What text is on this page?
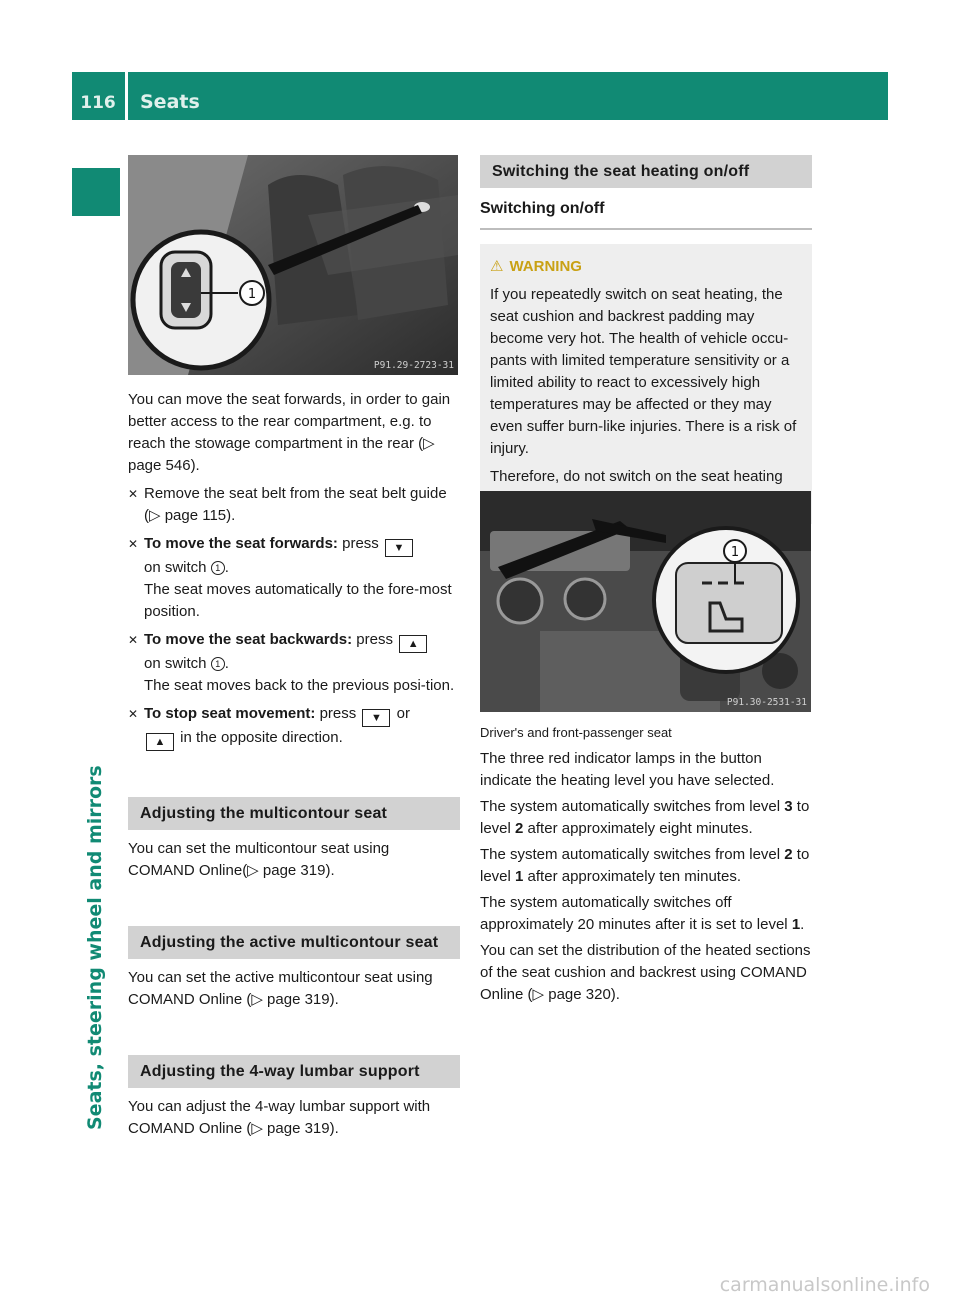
116	Seats
Seats, steering wheel and mirrors
1
P91.29-2723-31

You can move the seat forwards, in order to gain better access to the rear compartment, e.g. to reach the stowage compartment in the rear (▷ page 546).

✕ Remove the seat belt from the seat belt guide (▷ page 115).
✕ To move the seat forwards: press ▼
on switch 1 .
The seat moves automatically to the fore-most position.
✕ To move the seat backwards: press ▲
on switch 1 .
The seat moves back to the previous posi-tion.
✕ To stop seat movement: press ▼ or
▲ in the opposite direction.
Adjusting the multicontour seat

You can set the multicontour seat using COMAND Online(▷ page 319).

Adjusting the active multicontour seat

You can set the active multicontour seat using COMAND Online (▷ page 319).

Adjusting the 4-way lumbar support

You can adjust the 4-way lumbar support with COMAND Online (▷ page 319).

Switching the seat heating on/off
Switching on/off
⚠ WARNING

If you repeatedly switch on seat heating, the seat cushion and backrest padding may become very hot. The health of vehicle occu-pants with limited temperature sensitivity or a limited ability to react to excessively high temperatures may be affected or they may even suffer burn-like injuries. There is a risk of injury.

Therefore, do not switch on the seat heating

1
P91.30-2531-31

Driver's and front-passenger seat

The three red indicator lamps in the button indicate the heating level you have selected.

The system automatically switches from level 3 to level 2 after approximately eight minutes.

The system automatically switches from level 2 to level 1 after approximately ten minutes.

The system automatically switches off approximately 20 minutes after it is set to level 1.

You can set the distribution of the heated sections of the seat cushion and backrest using COMAND Online (▷ page 320).

carmanualsonline.info
